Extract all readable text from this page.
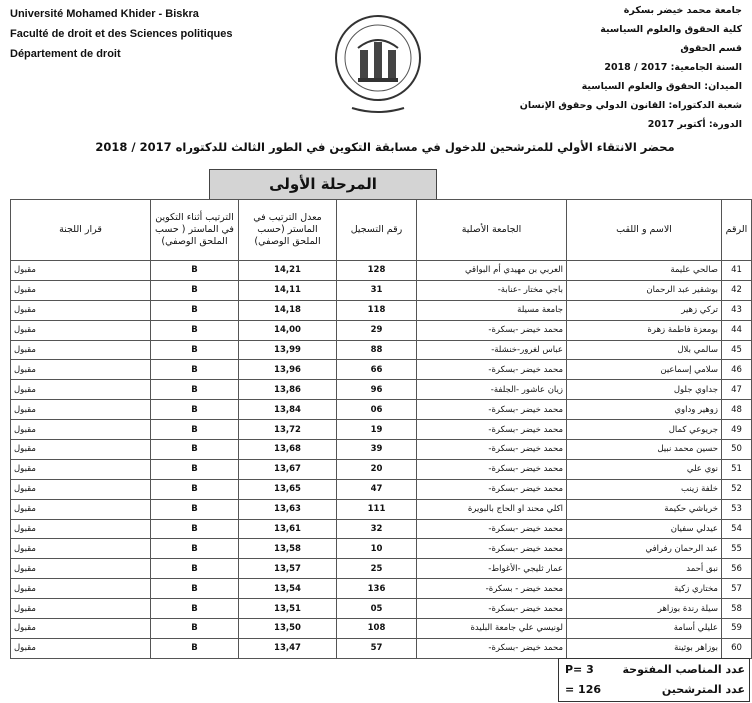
Université Mohamed Khider - Biskra
Faculté de droit et des Sciences politiques
Département de droit
جامعة محمد خيضر بسكرة
كلية الحقوق والعلوم السياسية
قسم الحقوق
السنة الجامعية: 2017 / 2018
الميدان: الحقوق والعلوم السياسية
شعبة الدكتوراه: القانون الدولي وحقوق الإنسان
الدورة: أكتوبر 2017
محضر الانتقاء الأولي للمترشحين للدخول في مسابقة التكوين في الطور الثالث للدكتوراه 2017 / 2018
المرحلة الأولى
قرار اللجنة	الترتيب أثناء التكوين في الماستر ( حسب الملحق الوصفي)	معدل الترتيب في الماستر (حسب الملحق الوصفي)	رقم التسجيل	الجامعة الأصلية	الاسم و اللقب	الرقم
مقبول	B	14,21	128	العربي بن مهيدي أم البواقي	صالحي عليمة	41
مقبول	B	14,11	31	باجي مختار -عنابة-	بوشقير عبد الرحمان	42
مقبول	B	14,18	118	جامعة مسيلة	تركي زهير	43
مقبول	B	14,00	29	محمد خيضر -بسكرة-	بومعزة فاطمة زهرة	44
مقبول	B	13,99	88	عباس لغرور-خنشلة-	سالمي بلال	45
مقبول	B	13,96	66	محمد خيضر -بسكرة-	سلامي إسماعين	46
مقبول	B	13,86	96	زيان عاشور -الجلفة-	جداوي جلول	47
مقبول	B	13,84	06	محمد خيضر -بسكرة-	زوهير وداوي	48
مقبول	B	13,72	19	محمد خيضر -بسكرة-	جريوعي كمال	49
مقبول	B	13,68	39	محمد خيضر -بسكرة-	حسين محمد نبيل	50
مقبول	B	13,67	20	محمد خيضر -بسكرة-	نوي علي	51
مقبول	B	13,65	47	محمد خيضر -بسكرة-	خلفة زينب	52
مقبول	B	13,63	111	اكلي محند او الحاج بالبويرة	خرباشي حكيمة	53
مقبول	B	13,61	32	محمد خيضر -بسكرة-	عيدلي سفيان	54
مقبول	B	13,58	10	محمد خيضر -بسكرة-	عبد الرحمان رفرافي	55
مقبول	B	13,57	25	عمار ثليجي -الأغواط-	نبق أحمد	56
مقبول	B	13,54	136	محمد خيضر - بسكرة-	مختاري زكية	57
مقبول	B	13,51	05	محمد خيضر -بسكرة-	سيلة رندة بوزاهر	58
مقبول	B	13,50	108	لونيسي علي جامعة البليدة	عليلي أسامة	59
مقبول	B	13,47	57	محمد خيضر -بسكرة-	بوزاهر بوثينة	60
عدد المناصب المفتوحة
P= 3
عدد المترشحين
= 126
